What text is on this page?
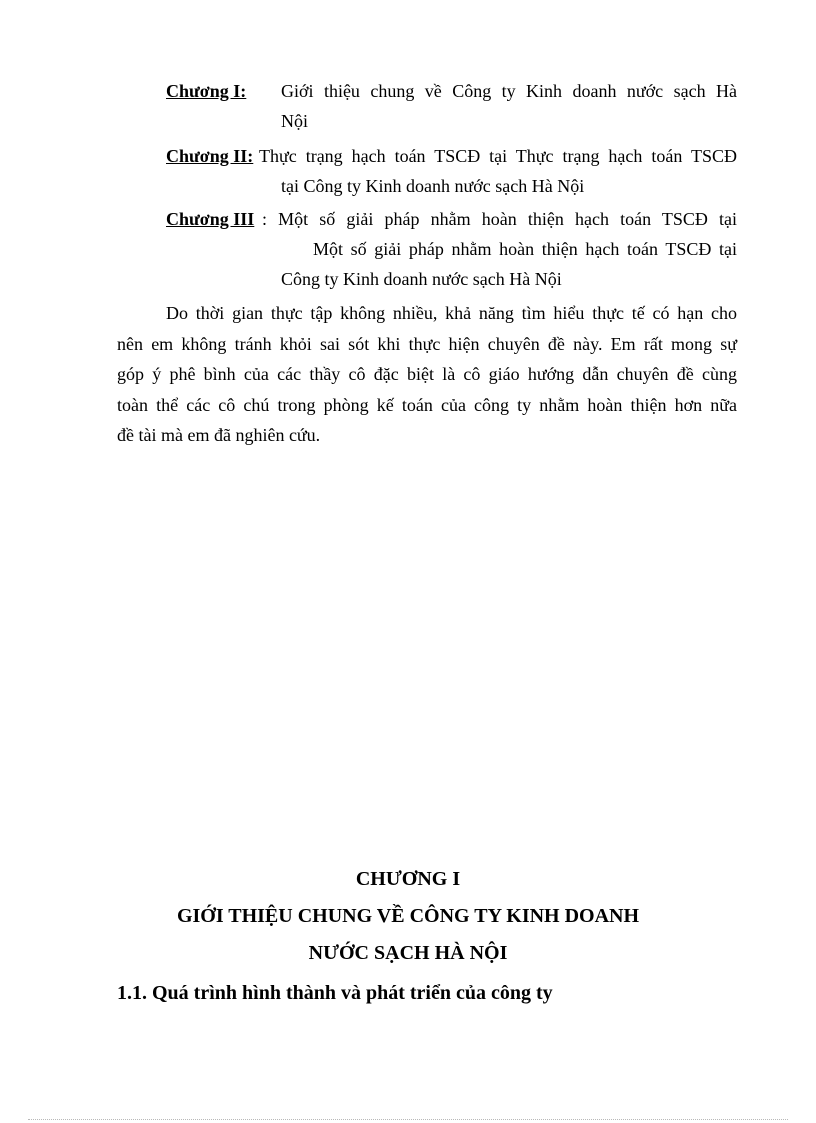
Chương I: Giới thiệu chung về Công ty Kinh doanh nước sạch Hà
Nội
Chương II: Thực trạng hạch toán TSCĐ tại Thực trạng hạch toán TSCĐ
tại Công ty Kinh doanh nước sạch Hà Nội
Chương III : Một số giải pháp nhằm hoàn thiện hạch toán TSCĐ tại
Một số giải pháp nhằm hoàn thiện hạch toán TSCĐ tại
Công ty Kinh doanh nước sạch Hà Nội
Do thời gian thực tập không nhiều, khả năng tìm hiểu thực tế có hạn cho
nên em không tránh khỏi sai sót khi thực hiện chuyên đề này. Em rất mong sự
góp ý phê bình của các thầy cô đặc biệt là cô giáo hướng dẫn chuyên đề cùng
toàn thể các cô chú trong phòng kế toán của công ty nhằm hoàn thiện hơn nữa
đề tài mà em đã nghiên cứu.
CHƯƠNG I
GIỚI THIỆU CHUNG VỀ CÔNG TY KINH DOANH
NƯỚC SẠCH HÀ NỘI
1.1. Quá trình hình thành và phát triển của công ty
